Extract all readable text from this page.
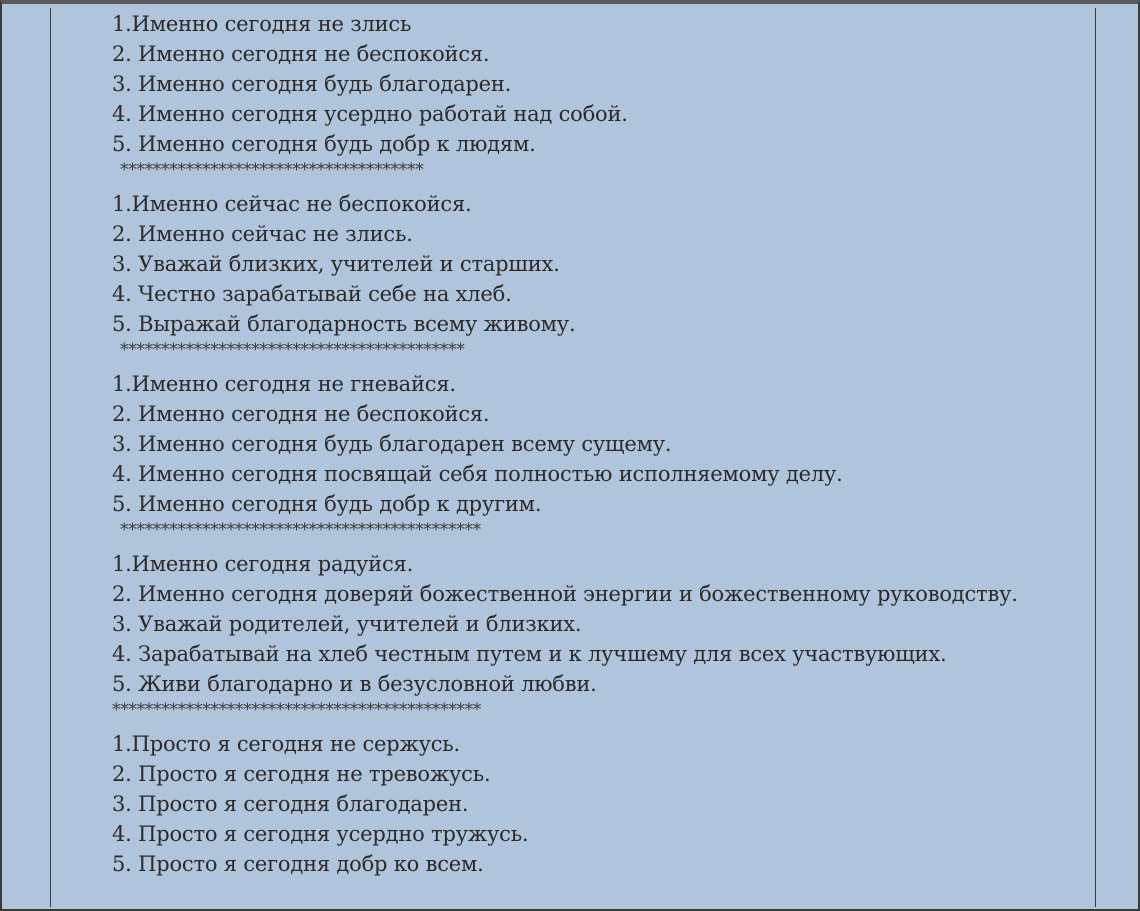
1.Именно сегодня не злись
2. Именно сегодня не беспокойся.
3. Именно сегодня будь благодарен.
4. Именно сегодня усердно работай над собой.
5. Именно сегодня будь добр к людям.
*************************************
1.Именно сейчас не беспокойся.
2. Именно сейчас не злись.
3. Уважай близких, учителей и старших.
4. Честно зарабатывай себе на хлеб.
5. Выражай благодарность всему живому.
******************************************
1.Именно сегодня не гневайся.
2. Именно сегодня не беспокойся.
3. Именно сегодня будь благодарен всему сущему.
4. Именно сегодня посвящай себя полностью исполняемому делу.
5. Именно сегодня будь добр к другим.
********************************************
1.Именно сегодня радуйся.
2. Именно сегодня доверяй божественной энергии и божественному руководству.
3. Уважай родителей, учителей и близких.
4. Зарабатывай на хлеб честным путем и к лучшему для всех участвующих.
5. Живи благодарно и в безусловной любви.
*********************************************
1.Просто я сегодня не сержусь.
2. Просто я сегодня не тревожусь.
3. Просто я сегодня благодарен.
4. Просто я сегодня усердно тружусь.
5. Просто я сегодня добр ко всем.
